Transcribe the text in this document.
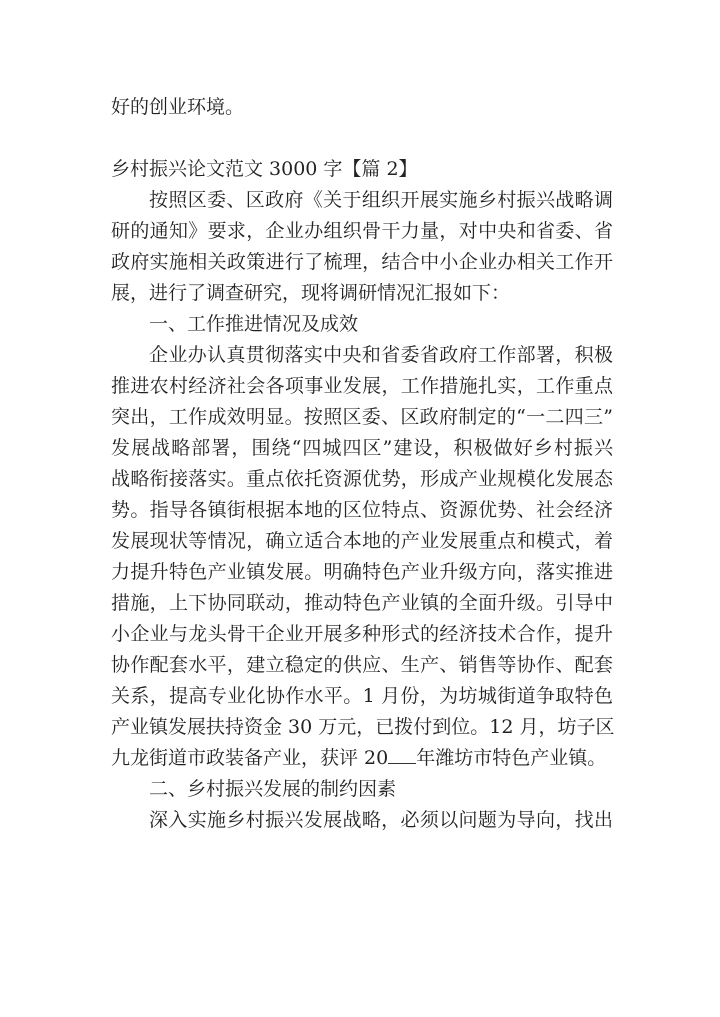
好的创业环境。
乡村振兴论文范文 3000 字【篇 2】
按照区委、区政府《关于组织开展实施乡村振兴战略调
研的通知》要求，企业办组织骨干力量，对中央和省委、省
政府实施相关政策进行了梳理，结合中小企业办相关工作开
展，进行了调查研究，现将调研情况汇报如下：
一、工作推进情况及成效
企业办认真贯彻落实中央和省委省政府工作部署，积极
推进农村经济社会各项事业发展，工作措施扎实，工作重点
突出，工作成效明显。按照区委、区政府制定的“一二四三”
发展战略部署，围绕“四城四区”建设，积极做好乡村振兴
战略衔接落实。重点依托资源优势，形成产业规模化发展态
势。指导各镇街根据本地的区位特点、资源优势、社会经济
发展现状等情况，确立适合本地的产业发展重点和模式，着
力提升特色产业镇发展。明确特色产业升级方向，落实推进
措施，上下协同联动，推动特色产业镇的全面升级。引导中
小企业与龙头骨干企业开展多种形式的经济技术合作，提升
协作配套水平，建立稳定的供应、生产、销售等协作、配套
关系，提高专业化协作水平。1 月份，为坊城街道争取特色
产业镇发展扶持资金 30 万元，已拨付到位。12 月，坊子区
九龙街道市政装备产业，获评 20 年潍坊市特色产业镇。
二、乡村振兴发展的制约因素
深入实施乡村振兴发展战略，必须以问题为导向，找出
